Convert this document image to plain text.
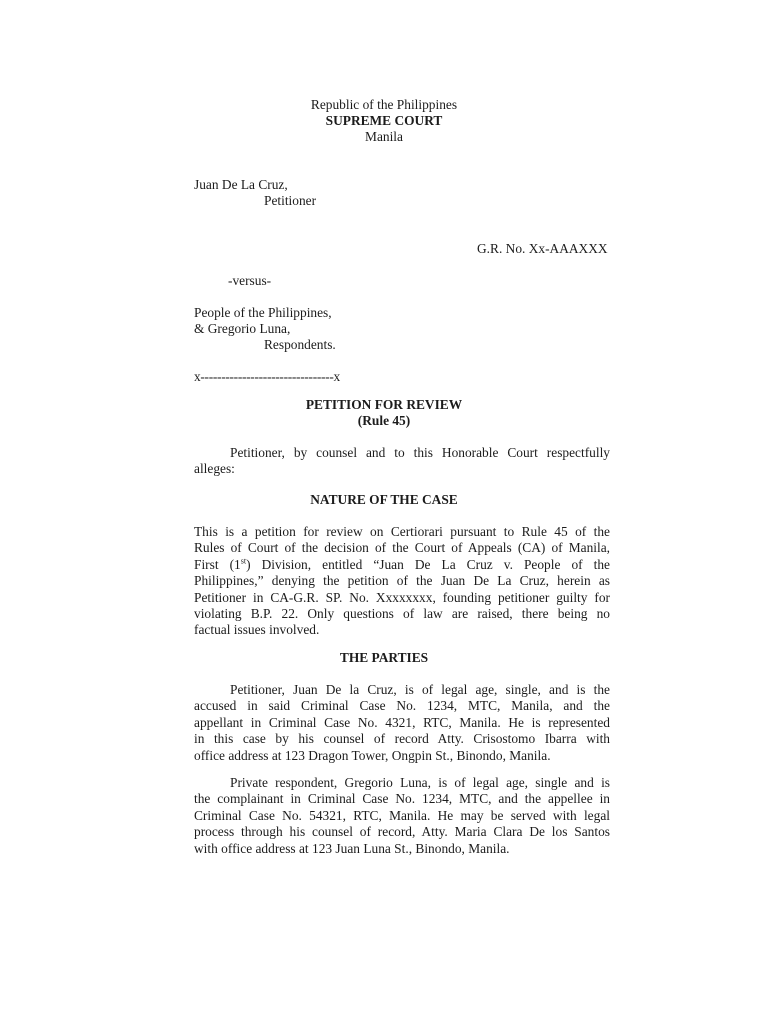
Republic of the Philippines
SUPREME COURT
Manila
Juan De La Cruz,
Petitioner
G.R. No. Xx-AAAXXX
-versus-
People of the Philippines,
& Gregorio Luna,
Respondents.
x--------------------------------x
PETITION FOR REVIEW
(Rule 45)
Petitioner, by counsel and to this Honorable Court respectfully
alleges:
NATURE OF THE CASE
This is a petition for review on Certiorari pursuant to Rule 45 of the
Rules of Court of the decision of the Court of Appeals (CA) of Manila,
First (1st) Division, entitled “Juan De La Cruz v. People of the
Philippines,” denying the petition of the Juan De La Cruz, herein as
Petitioner in CA-G.R. SP. No. Xxxxxxxx, founding petitioner guilty for
violating B.P. 22. Only questions of law are raised, there being no
factual issues involved.
THE PARTIES
Petitioner, Juan De la Cruz, is of legal age, single, and is the
accused in said Criminal Case No. 1234, MTC, Manila, and the
appellant in Criminal Case No. 4321, RTC, Manila. He is represented
in this case by his counsel of record Atty. Crisostomo Ibarra with
office address at 123 Dragon Tower, Ongpin St., Binondo, Manila.
Private respondent, Gregorio Luna, is of legal age, single and is
the complainant in Criminal Case No. 1234, MTC, and the appellee in
Criminal Case No. 54321, RTC, Manila. He may be served with legal
process through his counsel of record, Atty. Maria Clara De los Santos
with office address at 123 Juan Luna St., Binondo, Manila.
